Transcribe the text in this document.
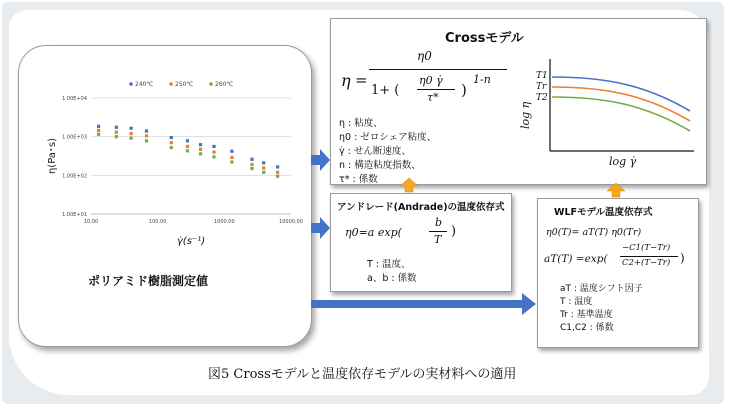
1.00E+01
1.00E+02
1.00E+03
1.00E+04
10.00	100.00	1000.00	10000.00
240℃	250℃	260℃
η(Pa･s)
γ̇(s⁻¹)
Crossモデル
η =
η0
1+ (
η0 γ̇
τ* )
1-n
η : 粘度、
η0 : ゼロシェア粘度、
γ̇ : せん断速度、
n : 構造粘度指数、
τ* : 係数
T1
Tr
T2
log η
log γ̇
アンドレード(Andrade)の温度依存式
η0=a exp(
b
T
)
T : 温度、
a、b : 係数
WLFモデル温度依存式
η0(T)= aT(T) η0(Tr)
aT(T) =exp(
−C1(T−Tr)
C2+(T−Tr) )
aT : 温度シフト因子
T : 温度
Tr : 基準温度
C1,C2 : 係数
ポリアミド樹脂測定値
図5 Crossモデルと温度依存モデルの実材料への適用
